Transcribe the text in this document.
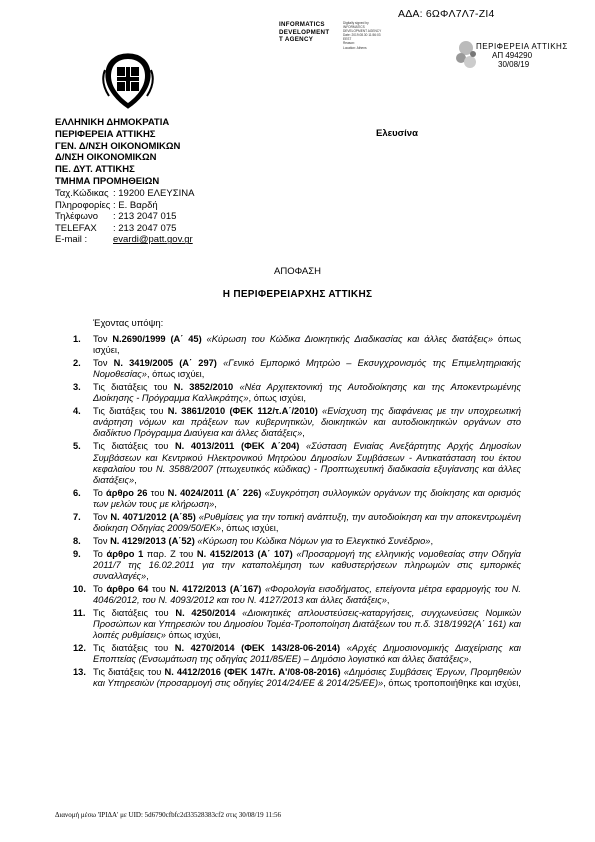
ΑΔΑ: 6ΩΦΛ7Λ7-ΖΙ4
INFORMATICS
DEVELOPMENT
T AGENCY
Digitally signed by
INFORMATICS
DEVELOPMENT AGENCY
Date: 2019.08.30 11:56:03
EEST
Reason:
Location: Athens	ΠΕΡΙΦΕΡΕΙΑ ΑΤΤΙΚΗΣ
ΑΠ 494290
30/08/19
ΕΛΛΗΝΙΚΗ ΔΗΜΟΚΡΑΤΙΑ
ΠΕΡΙΦΕΡΕΙΑ ΑΤΤΙΚΗΣ
ΓΕΝ. Δ/ΝΣΗ ΟΙΚΟΝΟΜΙΚΩΝ
Δ/ΝΣΗ ΟΙΚΟΝΟΜΙΚΩΝ
ΠΕ. ΔΥΤ. ΑΤΤΙΚΗΣ
ΤΜΗΜΑ ΠΡΟΜΗΘΕΙΩΝ
Ελευσίνα
Ταχ.Κώδικας : 19200 ΕΛΕΥΣΙΝΑ
Πληροφορίες : Ε. Βαρδή
Τηλέφωνο : 213 2047 015
TELEFAX : 213 2047 075
E-mail :	evardi@patt.gov.gr
ΑΠΟΦΑΣΗ
Η ΠΕΡΙΦΕΡΕΙΑΡΧΗΣ ΑΤΤΙΚΗΣ
Έχοντας υπόψη:
1.	Τον Ν.2690/1999 (Α΄ 45) «Κύρωση του Κώδικα Διοικητικής Διαδικασίας και άλλες διατάξεις» όπως ισχύει,
2.	Τον Ν. 3419/2005 (Α΄ 297) «Γενικό Εμπορικό Μητρώο – Εκσυγχρονισμός της Επιμελητηριακής Νομοθεσίας», όπως ισχύει,
3.	Τις διατάξεις του Ν. 3852/2010 «Νέα Αρχιτεκτονική της Αυτοδιοίκησης και της Αποκεντρωμένης Διοίκησης - Πρόγραμμα Καλλικράτης», όπως ισχύει,
4.	Τις διατάξεις του Ν. 3861/2010 (ΦΕΚ 112/τ.Α΄/2010) «Ενίσχυση της διαφάνειας με την υποχρεωτική ανάρτηση νόμων και πράξεων των κυβερνητικών, διοικητικών και αυτοδιοικητικών οργάνων στο διαδίκτυο Πρόγραμμα Διαύγεια και άλλες διατάξεις»,
5.	Τις διατάξεις του Ν. 4013/2011 (ΦΕΚ Α΄204) «Σύσταση Ενιαίας Ανεξάρτητης Αρχής Δημοσίων Συμβάσεων και Κεντρικού Ηλεκτρονικού Μητρώου Δημοσίων Συμβάσεων - Αντικατάσταση του έκτου κεφαλαίου του Ν. 3588/2007 (πτωχευτικός κώδικας) - Προπτωχευτική διαδικασία εξυγίανσης και άλλες διατάξεις»,
6.	Το άρθρο 26 του Ν. 4024/2011 (Α΄ 226) «Συγκρότηση συλλογικών οργάνων της διοίκησης και ορισμός των μελών τους με κλήρωση»,
7.	Τον Ν. 4071/2012 (Α΄85) «Ρυθμίσεις για την τοπική ανάπτυξη, την αυτοδιοίκηση και την αποκεντρωμένη διοίκηση Οδηγίας 2009/50/ΕΚ», όπως ισχύει,
8.	Τον Ν. 4129/2013 (Α΄52) «Κύρωση του Κώδικα Νόμων για το Ελεγκτικό Συνέδριο»,
9.	Το άρθρο 1 παρ. Ζ του Ν. 4152/2013 (Α΄ 107) «Προσαρμογή της ελληνικής νομοθεσίας στην Οδηγία 2011/7 της 16.02.2011 για την καταπολέμηση των καθυστερήσεων πληρωμών στις εμπορικές συναλλαγές»,
10. Το άρθρο 64 του Ν. 4172/2013 (Α΄167) «Φορολογία εισοδήματος, επείγοντα μέτρα εφαρμογής του Ν. 4046/2012, του Ν. 4093/2012 και του Ν. 4127/2013 και άλλες διατάξεις»,
11. Τις διατάξεις του Ν. 4250/2014 «Διοικητικές απλουστεύσεις-καταργήσεις, συγχωνεύσεις Νομικών Προσώπων και Υπηρεσιών του Δημοσίου Τομέα-Τροποποίηση Διατάξεων του π.δ. 318/1992(Α΄ 161) και λοιπές ρυθμίσεις» όπως ισχύει,
12. Τις διατάξεις του Ν. 4270/2014 (ΦΕΚ 143/28-06-2014) «Αρχές Δημοσιονομικής Διαχείρισης και Εποπτείας (Ενσωμάτωση της οδηγίας 2011/85/ΕΕ) – Δημόσιο λογιστικό και άλλες διατάξεις»,
13. Τις διατάξεις του Ν. 4412/2016 (ΦΕΚ 147/τ. Α'/08-08-2016) «Δημόσιες Συμβάσεις Έργων, Προμηθειών και Υπηρεσιών (προσαρμογή στις οδηγίες 2014/24/ΕΕ & 2014/25/ΕΕ)», όπως τροποποιήθηκε και ισχύει,
Διανομή μέσω 'ΙΡΙΔΑ' με UID: 5d6790cfbfc2d33528383cf2 στις 30/08/19 11:56
